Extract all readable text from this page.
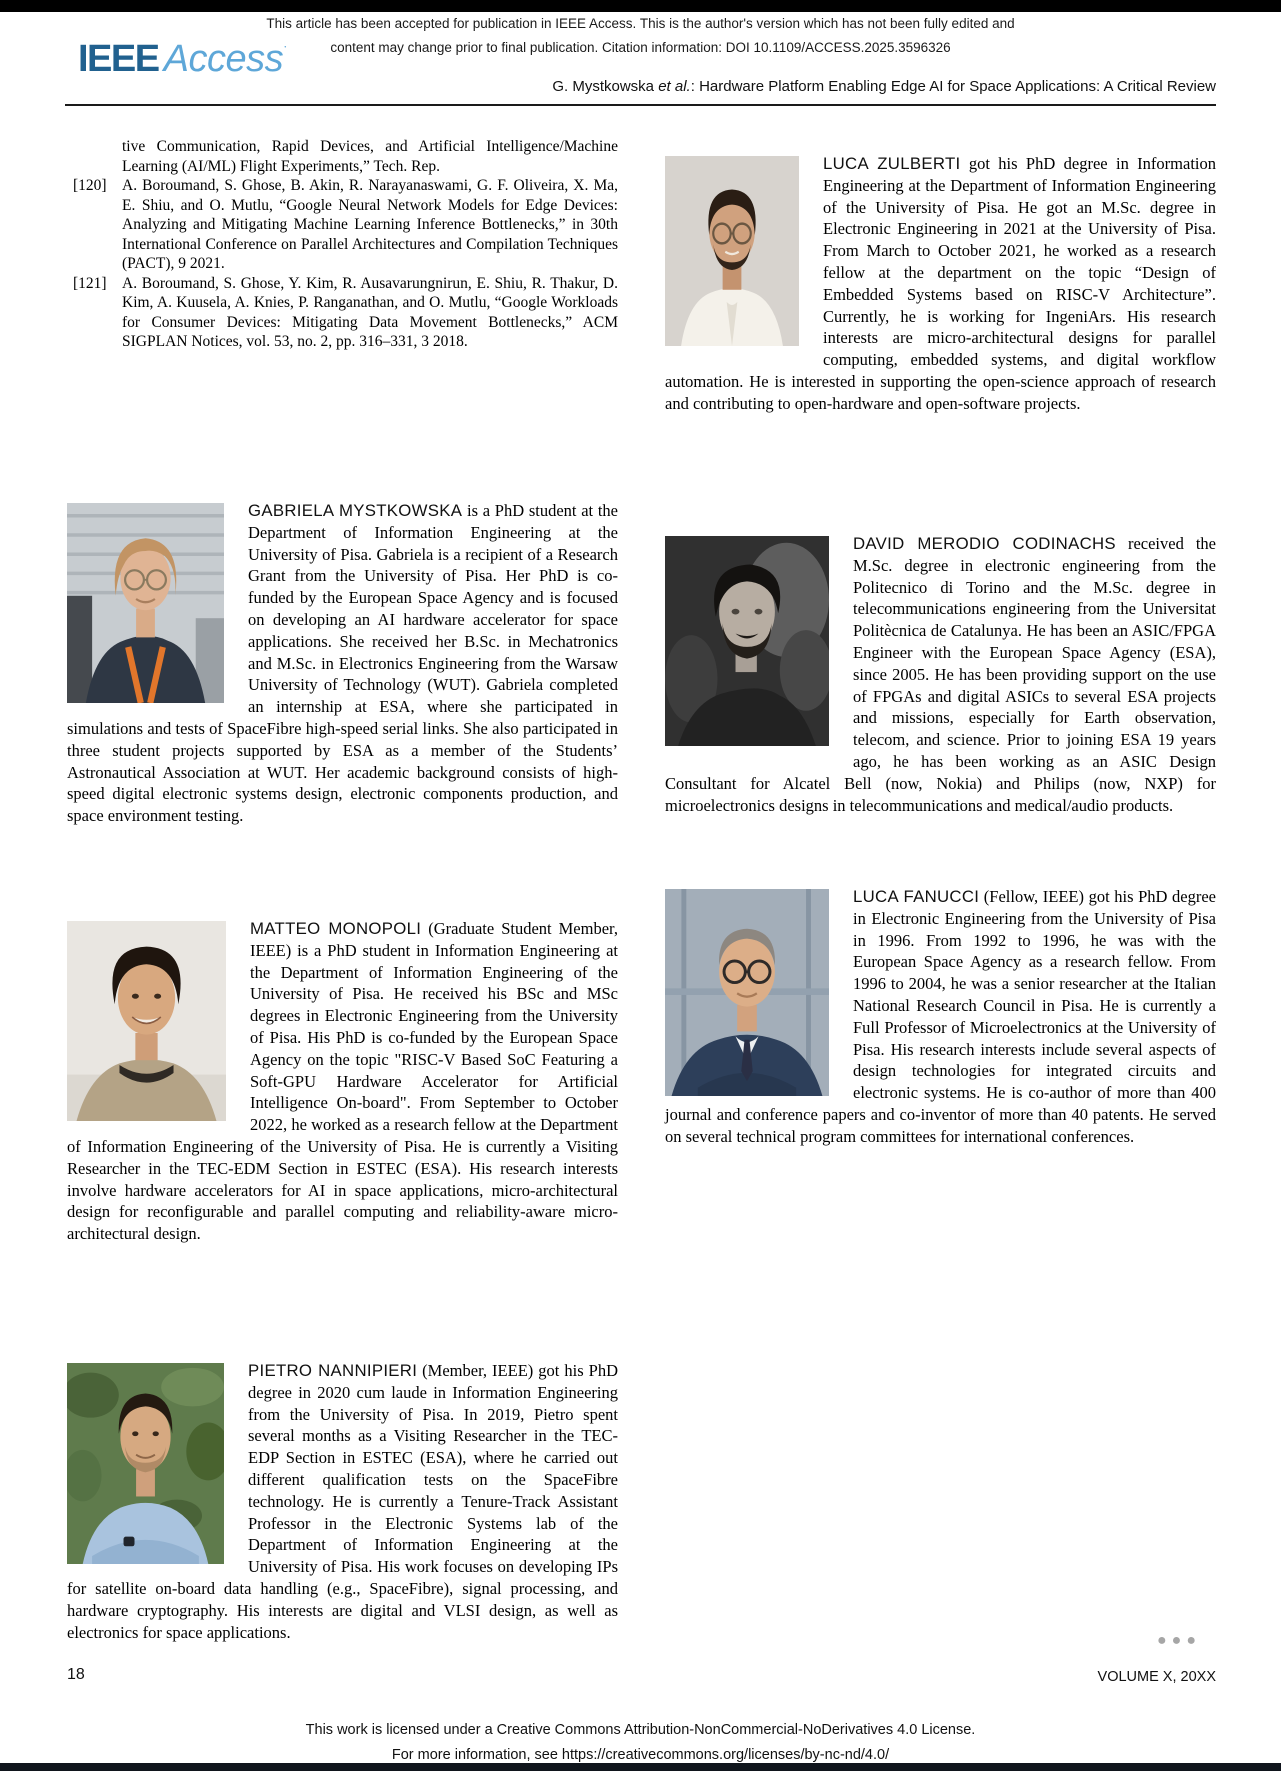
This article has been accepted for publication in IEEE Access. This is the author's version which has not been fully edited and
content may change prior to final publication. Citation information: DOI 10.1109/ACCESS.2025.3596326
IEEE Access·
G. Mystkowska et al.: Hardware Platform Enabling Edge AI for Space Applications: A Critical Review

tive Communication, Rapid Devices, and Artificial Intelligence/Machine Learning (AI/ML) Flight Experiments,” Tech. Rep.

[120] A. Boroumand, S. Ghose, B. Akin, R. Narayanaswami, G. F. Oliveira, X. Ma, E. Shiu, and O. Mutlu, “Google Neural Network Models for Edge Devices: Analyzing and Mitigating Machine Learning Inference Bottlenecks,” in 30th International Conference on Parallel Architectures and Compilation Techniques (PACT), 9 2021.

[121] A. Boroumand, S. Ghose, Y. Kim, R. Ausavarungnirun, E. Shiu, R. Thakur, D. Kim, A. Kuusela, A. Knies, P. Ranganathan, and O. Mutlu, “Google Workloads for Consumer Devices: Mitigating Data Movement Bottlenecks,” ACM SIGPLAN Notices, vol. 53, no. 2, pp. 316–331, 3 2018.

GABRIELA MYSTKOWSKA is a PhD student at the Department of Information Engineering at the University of Pisa. Gabriela is a recipient of a Research Grant from the University of Pisa. Her PhD is co-funded by the European Space Agency and is focused on developing an AI hardware accelerator for space applications. She received her B.Sc. in Mechatronics and M.Sc. in Electronics Engineering from the Warsaw University of Technology (WUT). Gabriela completed an internship at ESA, where she participated in simulations and tests of SpaceFibre high-speed serial links. She also participated in three student projects supported by ESA as a member of the Students’ Astronautical Association at WUT. Her academic background consists of high-speed digital electronic systems design, electronic components production, and space environment testing.

MATTEO MONOPOLI (Graduate Student Member, IEEE) is a PhD student in Information Engineering at the Department of Information Engineering of the University of Pisa. He received his BSc and MSc degrees in Electronic Engineering from the University of Pisa. His PhD is co-funded by the European Space Agency on the topic "RISC-V Based SoC Featuring a Soft-GPU Hardware Accelerator for Artificial Intelligence On-board". From September to October 2022, he worked as a research fellow at the Department of Information Engineering of the University of Pisa. He is currently a Visiting Researcher in the TEC-EDM Section in ESTEC (ESA). His research interests involve hardware accelerators for AI in space applications, micro-architectural design for reconfigurable and parallel computing and reliability-aware micro-architectural design.

PIETRO NANNIPIERI (Member, IEEE) got his PhD degree in 2020 cum laude in Information Engineering from the University of Pisa. In 2019, Pietro spent several months as a Visiting Researcher in the TEC-EDP Section in ESTEC (ESA), where he carried out different qualification tests on the SpaceFibre technology. He is currently a Tenure-Track Assistant Professor in the Electronic Systems lab of the Department of Information Engineering at the University of Pisa. His work focuses on developing IPs for satellite on-board data handling (e.g., SpaceFibre), signal processing, and hardware cryptography. His interests are digital and VLSI design, as well as electronics for space applications.

LUCA ZULBERTI got his PhD degree in Information Engineering at the Department of Information Engineering of the University of Pisa. He got an M.Sc. degree in Electronic Engineering in 2021 at the University of Pisa. From March to October 2021, he worked as a research fellow at the department on the topic “Design of Embedded Systems based on RISC-V Architecture”. Currently, he is working for IngeniArs. His research interests are micro-architectural designs for parallel computing, embedded systems, and digital workflow automation. He is interested in supporting the open-science approach of research and contributing to open-hardware and open-software projects.

DAVID MERODIO CODINACHS received the M.Sc. degree in electronic engineering from the Politecnico di Torino and the M.Sc. degree in telecommunications engineering from the Universitat Politècnica de Catalunya. He has been an ASIC/FPGA Engineer with the European Space Agency (ESA), since 2005. He has been providing support on the use of FPGAs and digital ASICs to several ESA projects and missions, especially for Earth observation, telecom, and science. Prior to joining ESA 19 years ago, he has been working as an ASIC Design Consultant for Alcatel Bell (now, Nokia) and Philips (now, NXP) for microelectronics designs in telecommunications and medical/audio products.

LUCA FANUCCI (Fellow, IEEE) got his PhD degree in Electronic Engineering from the University of Pisa in 1996. From 1992 to 1996, he was with the European Space Agency as a research fellow. From 1996 to 2004, he was a senior researcher at the Italian National Research Council in Pisa. He is currently a Full Professor of Microelectronics at the University of Pisa. His research interests include several aspects of design technologies for integrated circuits and electronic systems. He is co-author of more than 400 journal and conference papers and co-inventor of more than 40 patents. He served on several technical program committees for international conferences.

●●●
18	VOLUME X, 20XX
This work is licensed under a Creative Commons Attribution-NonCommercial-NoDerivatives 4.0 License.
For more information, see https://creativecommons.org/licenses/by-nc-nd/4.0/
